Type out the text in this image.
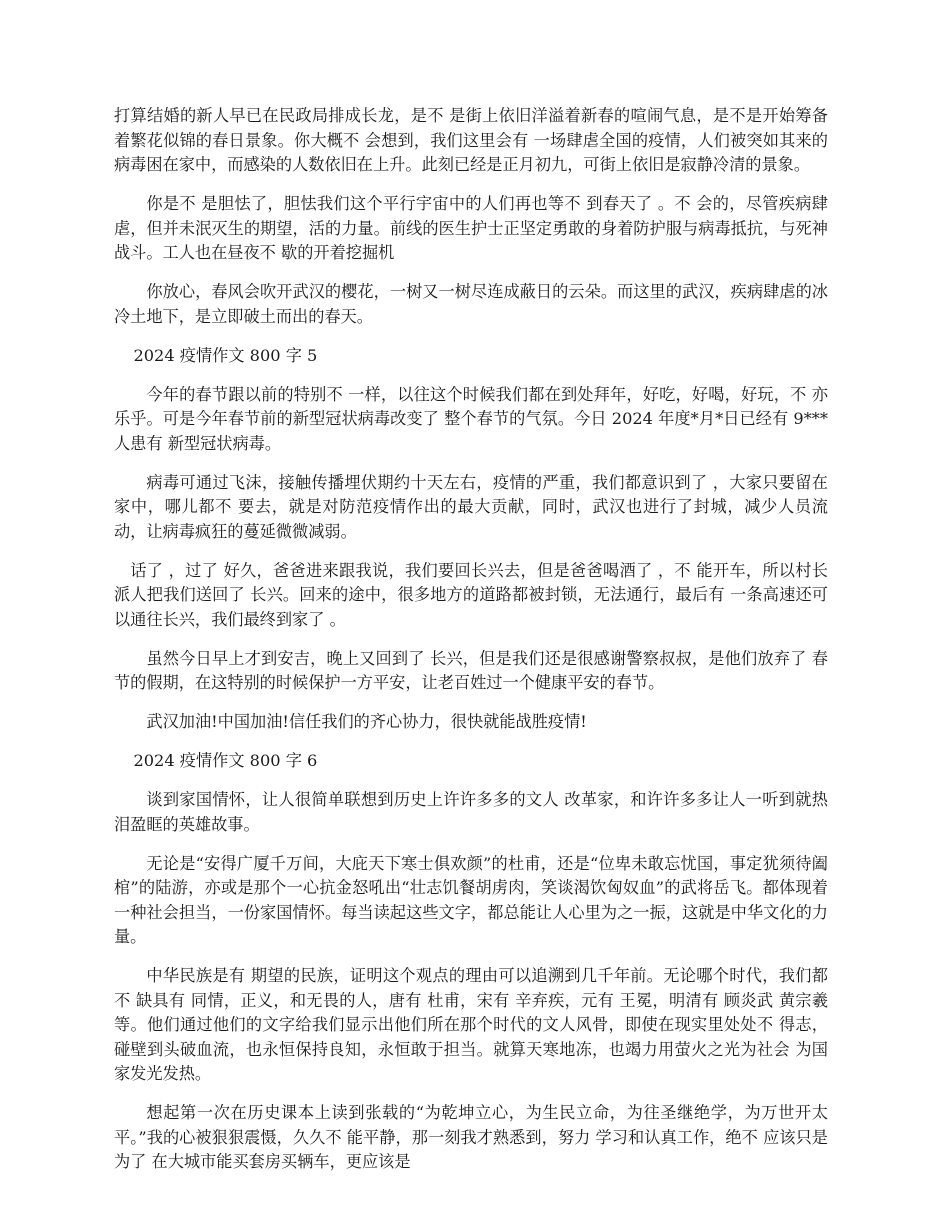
打算结婚的新人早已在民政局排成长龙，是不 是街上依旧洋溢着新春的喧闹气息，是不是开始筹备着繁花似锦的春日景象。你大概不 会想到，我们这里会有 一场肆虐全国的疫情，人们被突如其来的病毒困在家中，而感染的人数依旧在上升。此刻已经是正月初九，可街上依旧是寂静冷清的景象。

你是不 是胆怯了，胆怯我们这个平行宇宙中的人们再也等不 到春天了 。不 会的，尽管疾病肆虐，但并未泯灭生的期望，活的力量。前线的医生护士正坚定勇敢的身着防护服与病毒抵抗，与死神战斗。工人也在昼夜不 歇的开着挖掘机

你放心，春风会吹开武汉的樱花，一树又一树尽连成蔽日的云朵。而这里的武汉，疾病肆虐的冰冷土地下，是立即破土而出的春天。

2024 疫情作文 800 字 5

今年的春节跟以前的特别不 一样，以往这个时候我们都在到处拜年，好吃，好喝，好玩，不 亦乐乎。可是今年春节前的新型冠状病毒改变了 整个春节的气氛。今日 2024 年度*月*日已经有 9***人患有 新型冠状病毒。

病毒可通过飞沫，接触传播埋伏期约十天左右，疫情的严重，我们都意识到了 ，大家只要留在家中，哪儿都不 要去，就是对防范疫情作出的最大贡献，同时，武汉也进行了封城，减少人员流动，让病毒疯狂的蔓延微微减弱。

话了 ，过了 好久，爸爸进来跟我说，我们要回长兴去，但是爸爸喝酒了 ，不 能开车，所以村长派人把我们送回了 长兴。回来的途中，很多地方的道路都被封锁，无法通行，最后有 一条高速还可以通往长兴，我们最终到家了 。

虽然今日早上才到安吉，晚上又回到了 长兴，但是我们还是很感谢警察叔叔，是他们放弃了 春节的假期，在这特别的时候保护一方平安，让老百姓过一个健康平安的春节。

武汉加油!中国加油!信任我们的齐心协力，很快就能战胜疫情!

2024 疫情作文 800 字 6

谈到家国情怀，让人很简单联想到历史上许许多多的文人 改革家，和许许多多让人一听到就热泪盈眶的英雄故事。

无论是“安得广厦千万间，大庇天下寒士俱欢颜”的杜甫，还是“位卑未敢忘忧国，事定犹须待阖棺”的陆游，亦或是那个一心抗金怒吼出“壮志饥餐胡虏肉，笑谈渴饮匈奴血”的武将岳飞。都体现着一种社会担当，一份家国情怀。每当读起这些文字，都总能让人心里为之一振，这就是中华文化的力量。

中华民族是有 期望的民族，证明这个观点的理由可以追溯到几千年前。无论哪个时代，我们都不 缺具有 同情，正义，和无畏的人，唐有 杜甫，宋有 辛弃疾，元有 王冕，明清有 顾炎武 黄宗羲等。他们通过他们的文字给我们显示出他们所在那个时代的文人风骨，即使在现实里处处不 得志，碰壁到头破血流，也永恒保持良知，永恒敢于担当。就算天寒地冻，也竭力用萤火之光为社会 为国家发光发热。

想起第一次在历史课本上读到张载的“为乾坤立心，为生民立命，为往圣继绝学，为万世开太平。”我的心被狠狠震慑，久久不 能平静，那一刻我才熟悉到，努力 学习和认真工作，绝不 应该只是为了 在大城市能买套房买辆车，更应该是
